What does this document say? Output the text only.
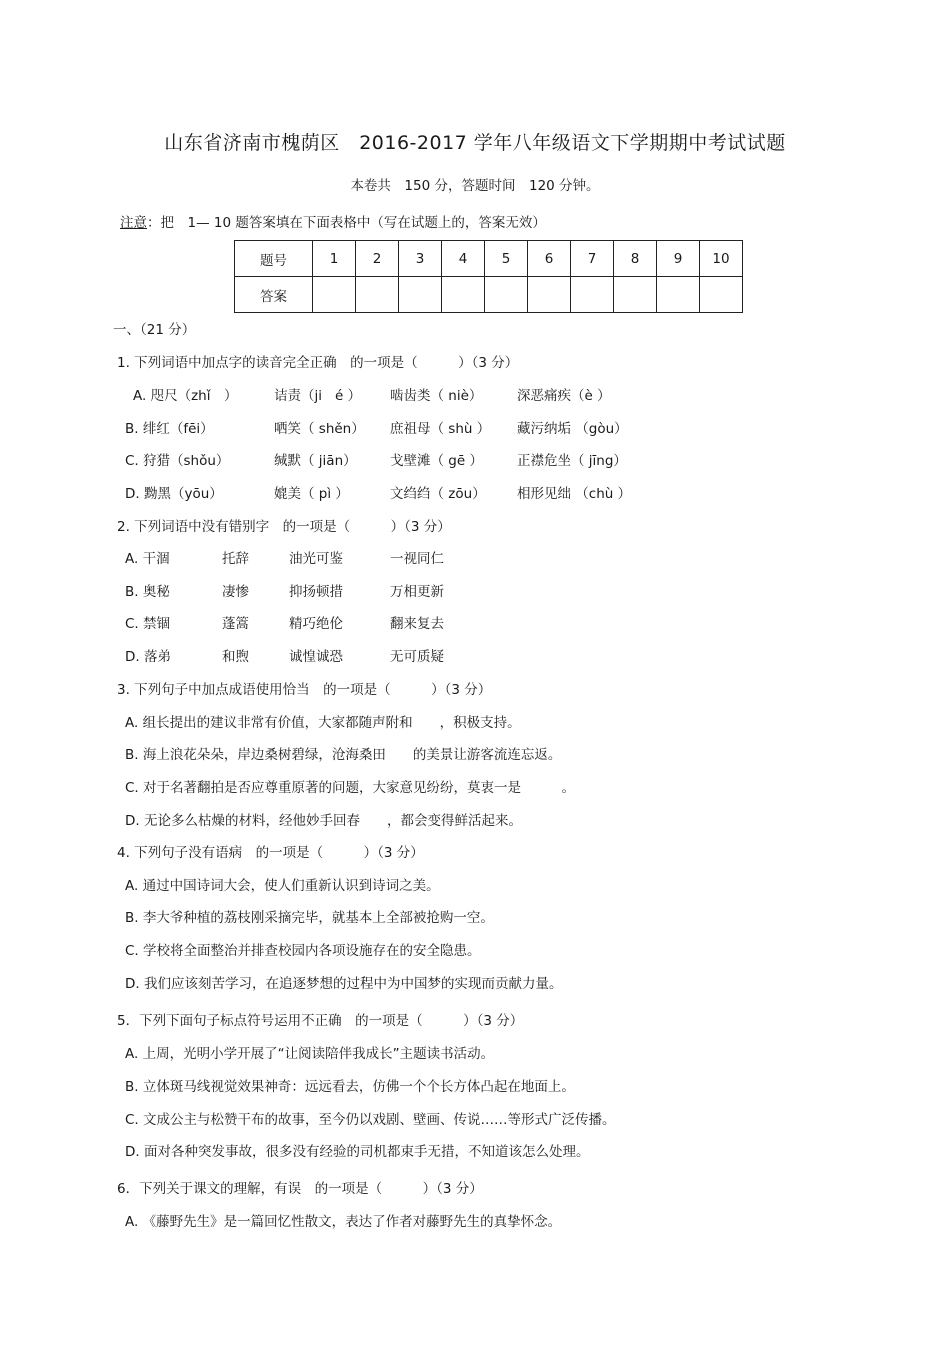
山东省济南市槐荫区　2016-2017 学年八年级语文下学期期中考试试题
本卷共　150 分，答题时间　120 分钟。
注意：把　1— 10 题答案填在下面表格中（写在试题上的，答案无效）
题号	1	2	3	4	5	6	7	8	9	10
答案										
一、（21 分）
1. 下列词语中加点字的读音完全正确　的一项是（　　　）（3 分）
A. 咫尺（zhǐ　）	诘责（jiㅤé ） 啮齿类（ niè）	深恶痛疾（è ）
B. 绯红（fēi）	哂笑（ shěn） 庶祖母（ shù ） 藏污纳垢 （gòu）
C. 狩猎（shǒu）	缄默（ jiān） 戈壁滩（ gē ）	正襟危坐（ jīng）
D. 黝黑（yōu）	媲美（ pì ）	文绉绉（ zōu） 相形见绌 （chù ）
2. 下列词语中没有错别字　的一项是（　　　）（3 分）
A. 干涸	托辞	油光可鉴	一视同仁
B. 奥秘	凄惨	抑扬顿措	万相更新
C. 禁锢	蓬篙	精巧绝伦	翻来复去
D. 落弟	和煦	诚惶诚恐	无可质疑
3. 下列句子中加点成语使用恰当　的一项是（　　　）（3 分）
A. 组长提出的建议非常有价值，大家都随声附和　　，积极支持。
B. 海上浪花朵朵，岸边桑树碧绿，沧海桑田　　的美景让游客流连忘返。
C. 对于名著翻拍是否应尊重原著的问题，大家意见纷纷，莫衷一是　　　。
D. 无论多么枯燥的材料，经他妙手回春　　，都会变得鲜活起来。
4. 下列句子没有语病　的一项是（　　　）（3 分）
A. 通过中国诗词大会，使人们重新认识到诗词之美。
B. 李大爷种植的荔枝刚采摘完毕，就基本上全部被抢购一空。
C. 学校将全面整治并排查校园内各项设施存在的安全隐患。
D. 我们应该刻苦学习，在追逐梦想的过程中为中国梦的实现而贡献力量。
5．下列下面句子标点符号运用不正确　的一项是（　　　）（3 分）
A. 上周，光明小学开展了“让阅读陪伴我成长”主题读书活动。
B. 立体斑马线视觉效果神奇：远远看去，仿佛一个个长方体凸起在地面上。
C. 文成公主与松赞干布的故事，至今仍以戏剧、壁画、传说……等形式广泛传播。
D. 面对各种突发事故，很多没有经验的司机都束手无措，不知道该怎么处理。
6．下列关于课文的理解，有误　的一项是（　　　）（3 分）
A. 《藤野先生》是一篇回忆性散文，表达了作者对藤野先生的真挚怀念。
